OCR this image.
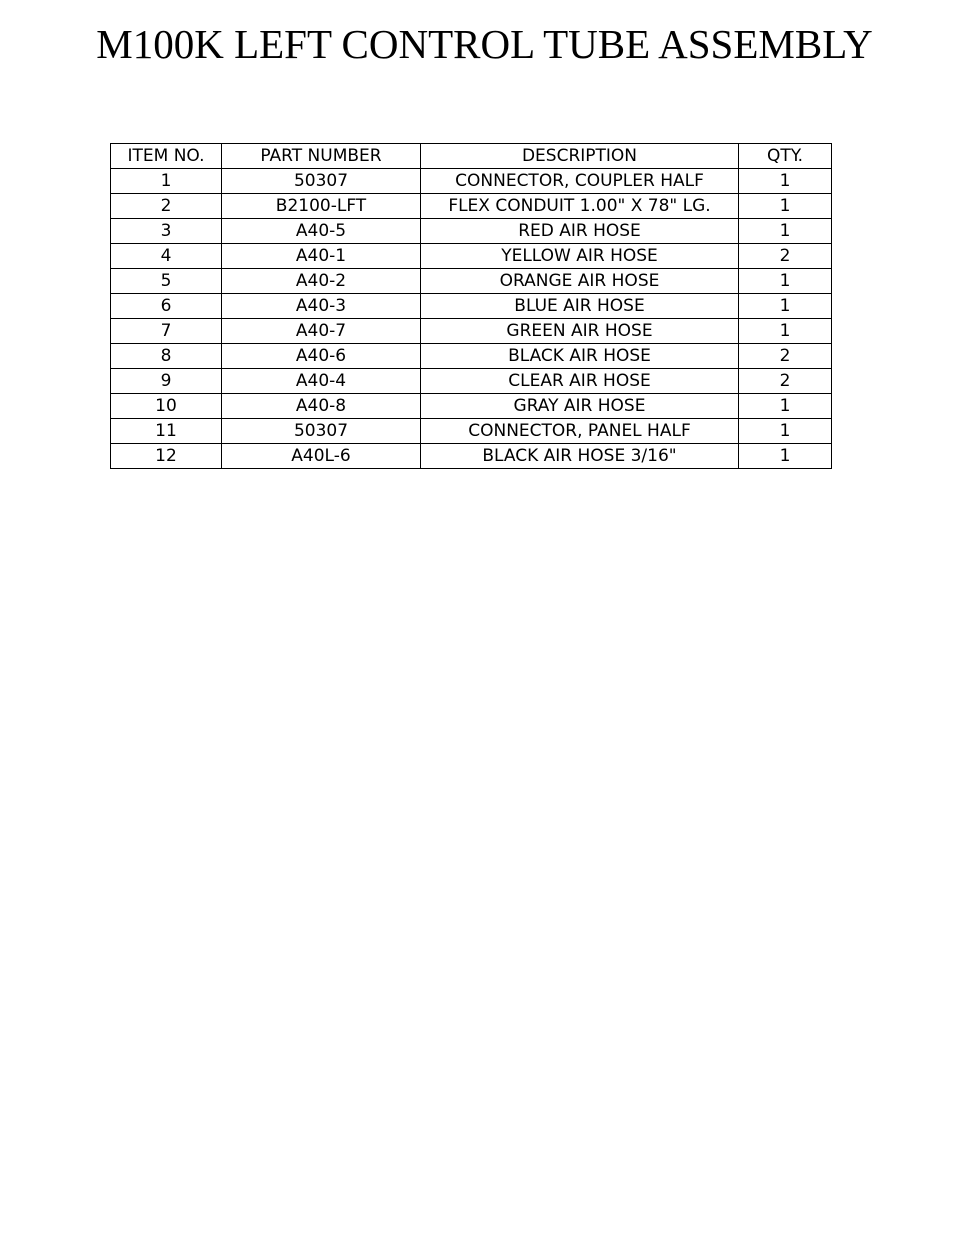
M100K LEFT CONTROL TUBE ASSEMBLY
ITEM NO.	PART NUMBER	DESCRIPTION	QTY.
1	50307	CONNECTOR, COUPLER HALF	1
2	B2100-LFT	FLEX CONDUIT 1.00" X 78" LG.	1
3	A40-5	RED AIR HOSE	1
4	A40-1	YELLOW AIR HOSE	2
5	A40-2	ORANGE AIR HOSE	1
6	A40-3	BLUE AIR HOSE	1
7	A40-7	GREEN AIR HOSE	1
8	A40-6	BLACK AIR HOSE	2
9	A40-4	CLEAR AIR HOSE	2
10	A40-8	GRAY AIR HOSE	1
11	50307	CONNECTOR, PANEL HALF	1
12	A40L-6	BLACK AIR HOSE 3/16"	1
